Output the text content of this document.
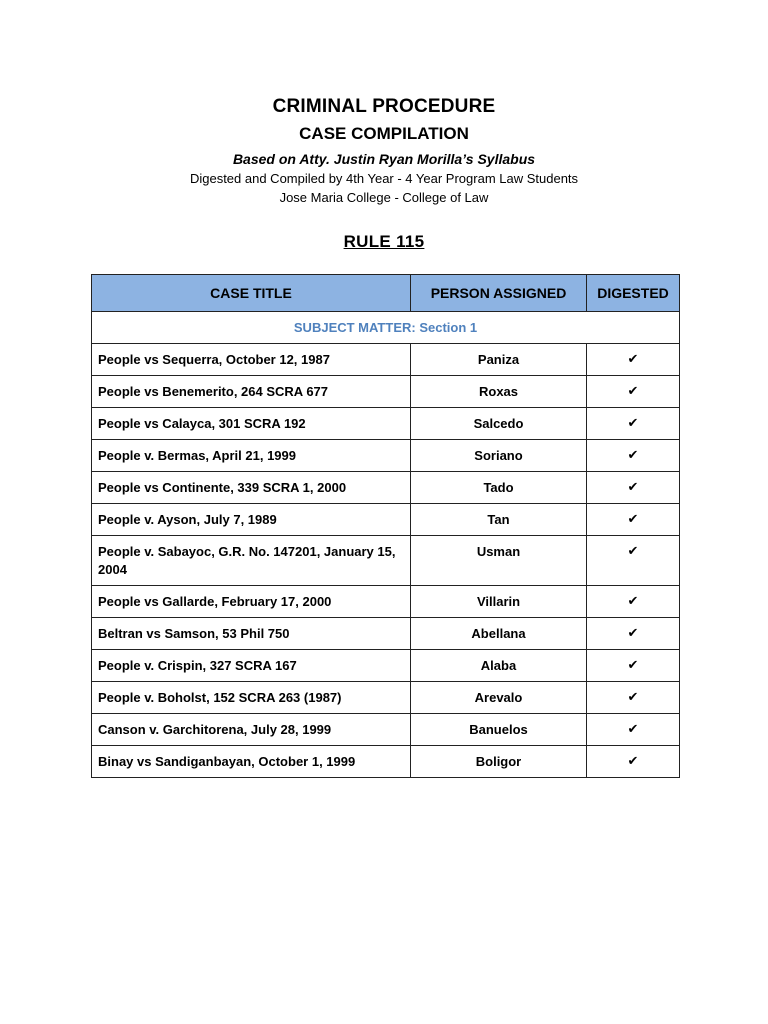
CRIMINAL PROCEDURE
CASE COMPILATION
Based on Atty. Justin Ryan Morilla’s Syllabus
Digested and Compiled by 4th Year - 4 Year Program Law Students
Jose Maria College - College of Law
RULE 115
CASE TITLE	PERSON ASSIGNED	DIGESTED
SUBJECT MATTER: Section 1		
People vs Sequerra, October 12, 1987	Paniza	✔
People vs Benemerito, 264 SCRA 677	Roxas	✔
People vs Calayca, 301 SCRA 192	Salcedo	✔
People v. Bermas, April 21, 1999	Soriano	✔
People vs Continente, 339 SCRA 1, 2000	Tado	✔
People v. Ayson, July 7, 1989	Tan	✔
People v. Sabayoc, G.R. No. 147201, January 15, 2004	Usman	✔
People vs Gallarde, February 17, 2000	Villarin	✔
Beltran vs Samson, 53 Phil 750	Abellana	✔
People v. Crispin, 327 SCRA 167	Alaba	✔
People v. Boholst, 152 SCRA 263 (1987)	Arevalo	✔
Canson v. Garchitorena, July 28, 1999	Banuelos	✔
Binay vs Sandiganbayan, October 1, 1999	Boligor	✔
